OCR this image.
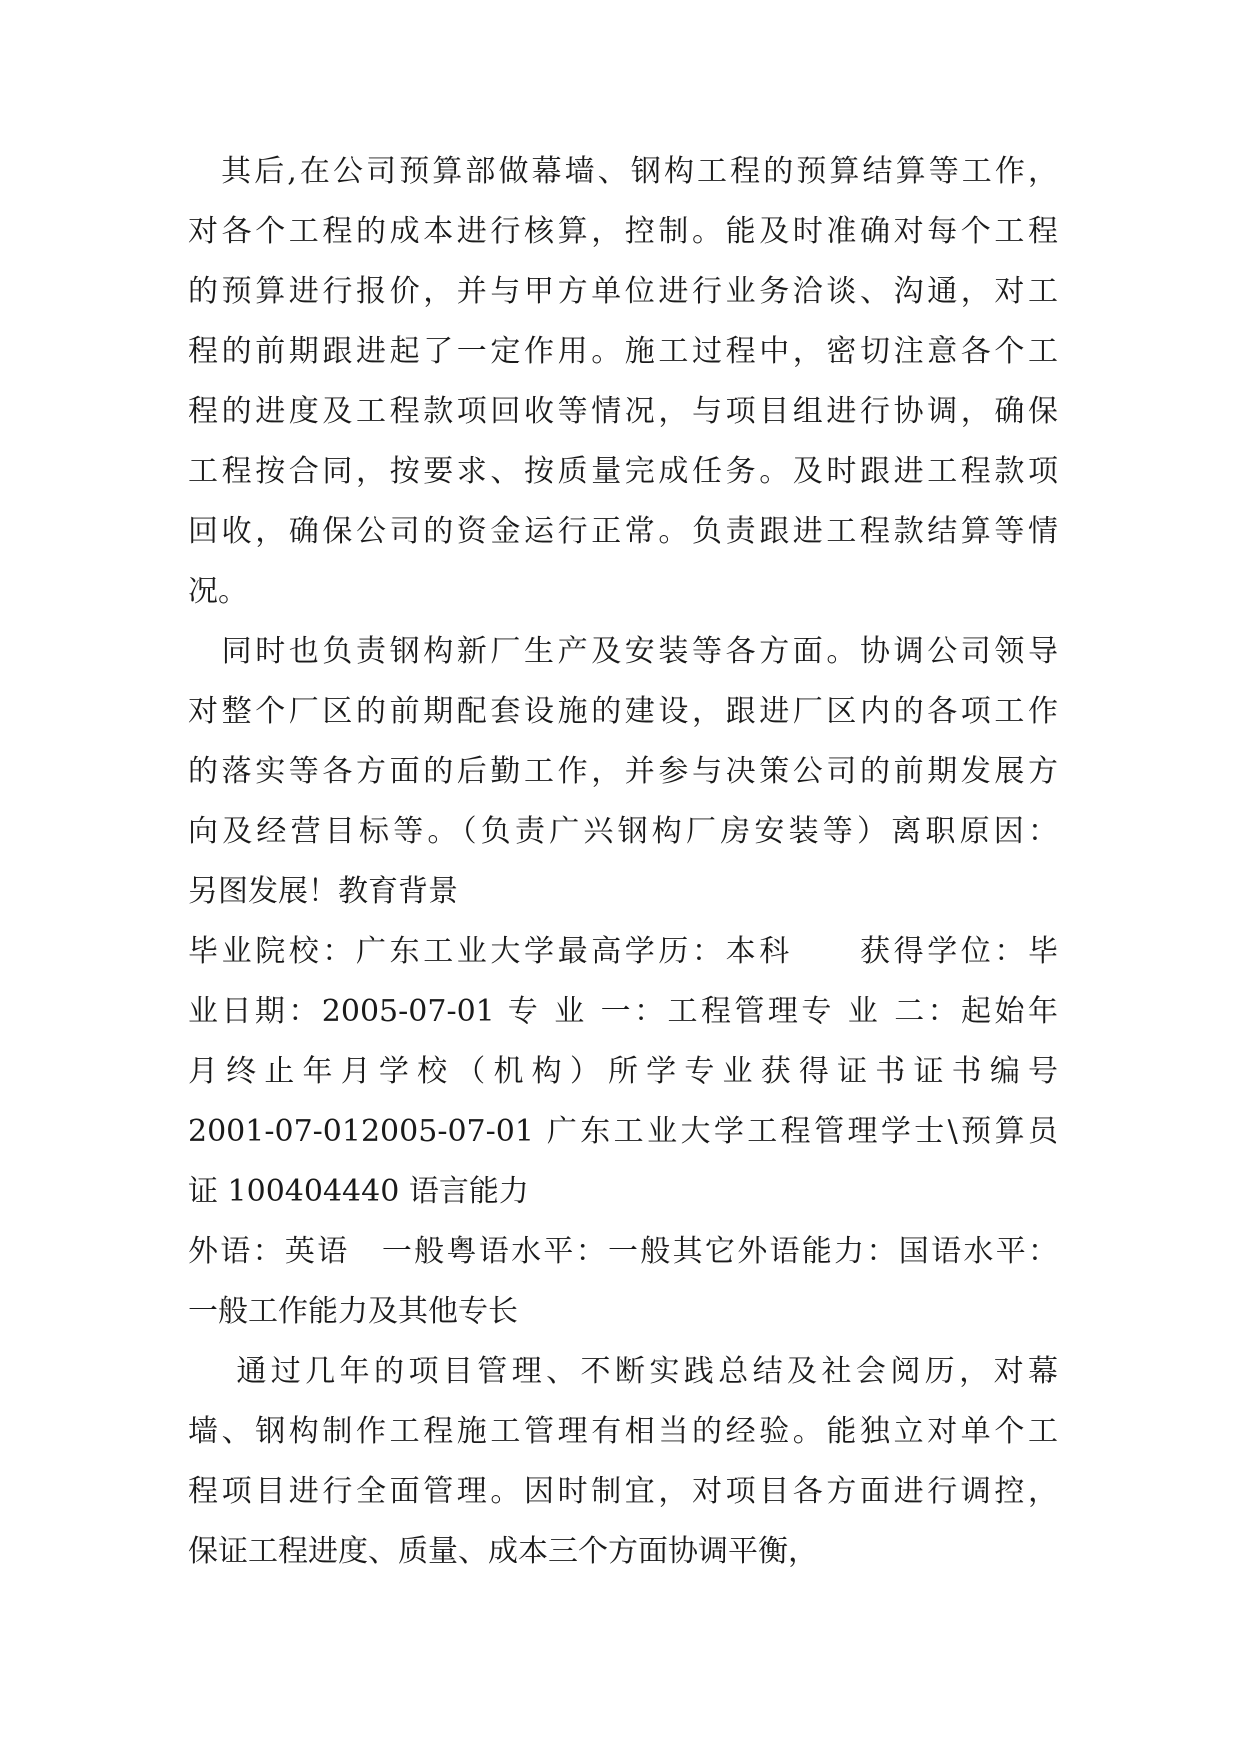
　其后,在公司预算部做幕墙、钢构工程的预算结算等工作，
对各个工程的成本进行核算，控制。能及时准确对每个工程
的预算进行报价，并与甲方单位进行业务洽谈、沟通，对工
程的前期跟进起了一定作用。施工过程中，密切注意各个工
程的进度及工程款项回收等情况，与项目组进行协调，确保
工程按合同，按要求、按质量完成任务。及时跟进工程款项
回收，确保公司的资金运行正常。负责跟进工程款结算等情
况。
　同时也负责钢构新厂生产及安装等各方面。协调公司领导
对整个厂区的前期配套设施的建设，跟进厂区内的各项工作
的落实等各方面的后勤工作，并参与决策公司的前期发展方
向及经营目标等。（负责广兴钢构厂房安装等）离职原因：
另图发展！教育背景
毕业院校：广东工业大学最高学历：本科　　获得学位：毕
业日期：2005-07-01 专 业 一：工程管理专 业 二：起始年
月终止年月学校（机构）所学专业获得证书证书编号
2001-07-012005-07-01 广东工业大学工程管理学士\预算员
证 100404440 语言能力
外语：英语　一般粤语水平：一般其它外语能力：国语水平：
一般工作能力及其他专长
　 通过几年的项目管理、不断实践总结及社会阅历，对幕
墙、钢构制作工程施工管理有相当的经验。能独立对单个工
程项目进行全面管理。因时制宜，对项目各方面进行调控，
保证工程进度、质量、成本三个方面协调平衡，
